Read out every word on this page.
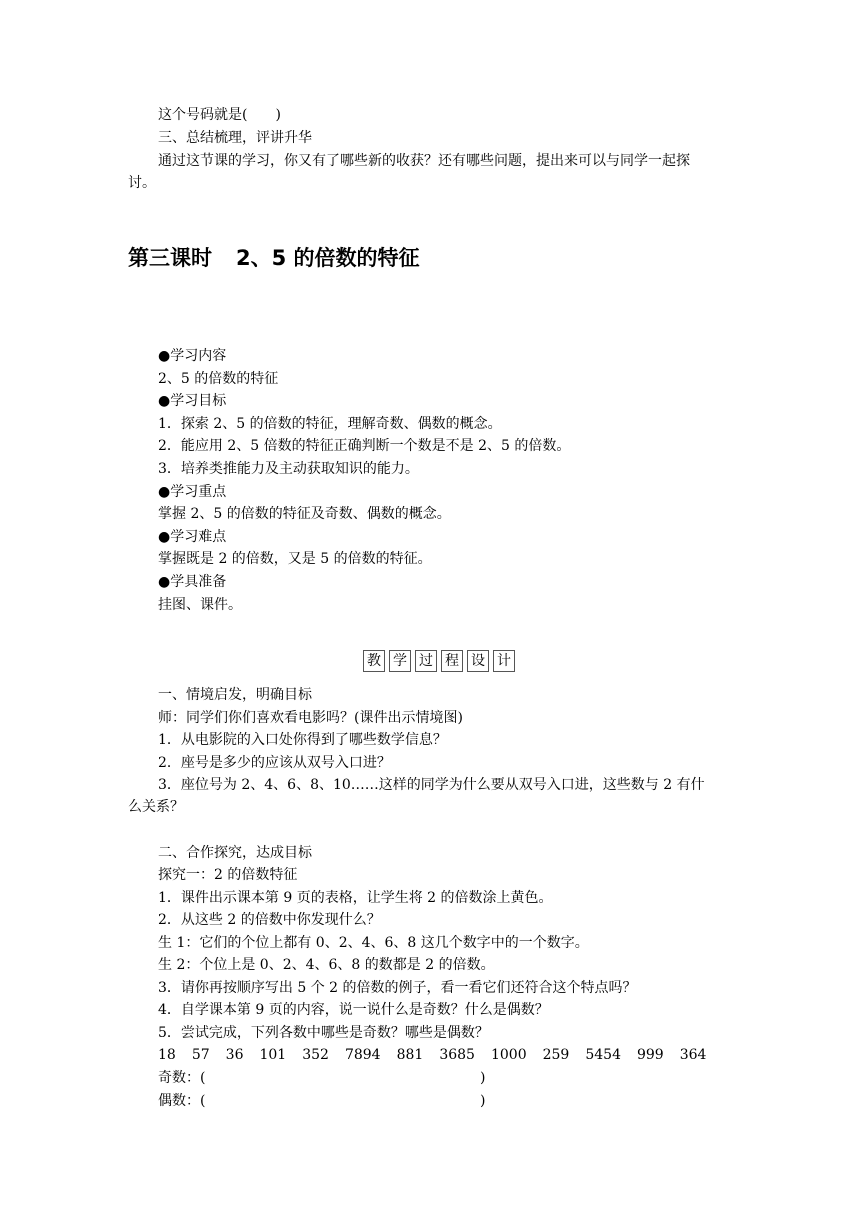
这个号码就是(　　)
三、总结梳理，评讲升华
通过这节课的学习，你又有了哪些新的收获？还有哪些问题，提出来可以与同学一起探
讨。
第三课时 2、5 的倍数的特征
●学习内容
2、5 的倍数的特征
●学习目标
1．探索 2、5 的倍数的特征，理解奇数、偶数的概念。
2．能应用 2、5 倍数的特征正确判断一个数是不是 2、5 的倍数。
3．培养类推能力及主动获取知识的能力。
●学习重点
掌握 2、5 的倍数的特征及奇数、偶数的概念。
●学习难点
掌握既是 2 的倍数，又是 5 的倍数的特征。
●学具准备
挂图、课件。
教 学 过 程 设 计
一、情境启发，明确目标
师：同学们你们喜欢看电影吗？(课件出示情境图)
1．从电影院的入口处你得到了哪些数学信息？
2．座号是多少的应该从双号入口进？
3．座位号为 2、4、6、8、10……这样的同学为什么要从双号入口进，这些数与 2 有什
么关系？
二、合作探究，达成目标
探究一：2 的倍数特征
1．课件出示课本第 9 页的表格，让学生将 2 的倍数涂上黄色。
2．从这些 2 的倍数中你发现什么？
生 1：它们的个位上都有 0、2、4、6、8 这几个数字中的一个数字。
生 2：个位上是 0、2、4、6、8 的数都是 2 的倍数。
3．请你再按顺序写出 5 个 2 的倍数的例子，看一看它们还符合这个特点吗？
4．自学课本第 9 页的内容，说一说什么是奇数？什么是偶数？
5．尝试完成，下列各数中哪些是奇数？哪些是偶数？
18 57 36 101 352 7894 881 3685 1000 259 5454 999 364
奇数：(	)
偶数：(	)
